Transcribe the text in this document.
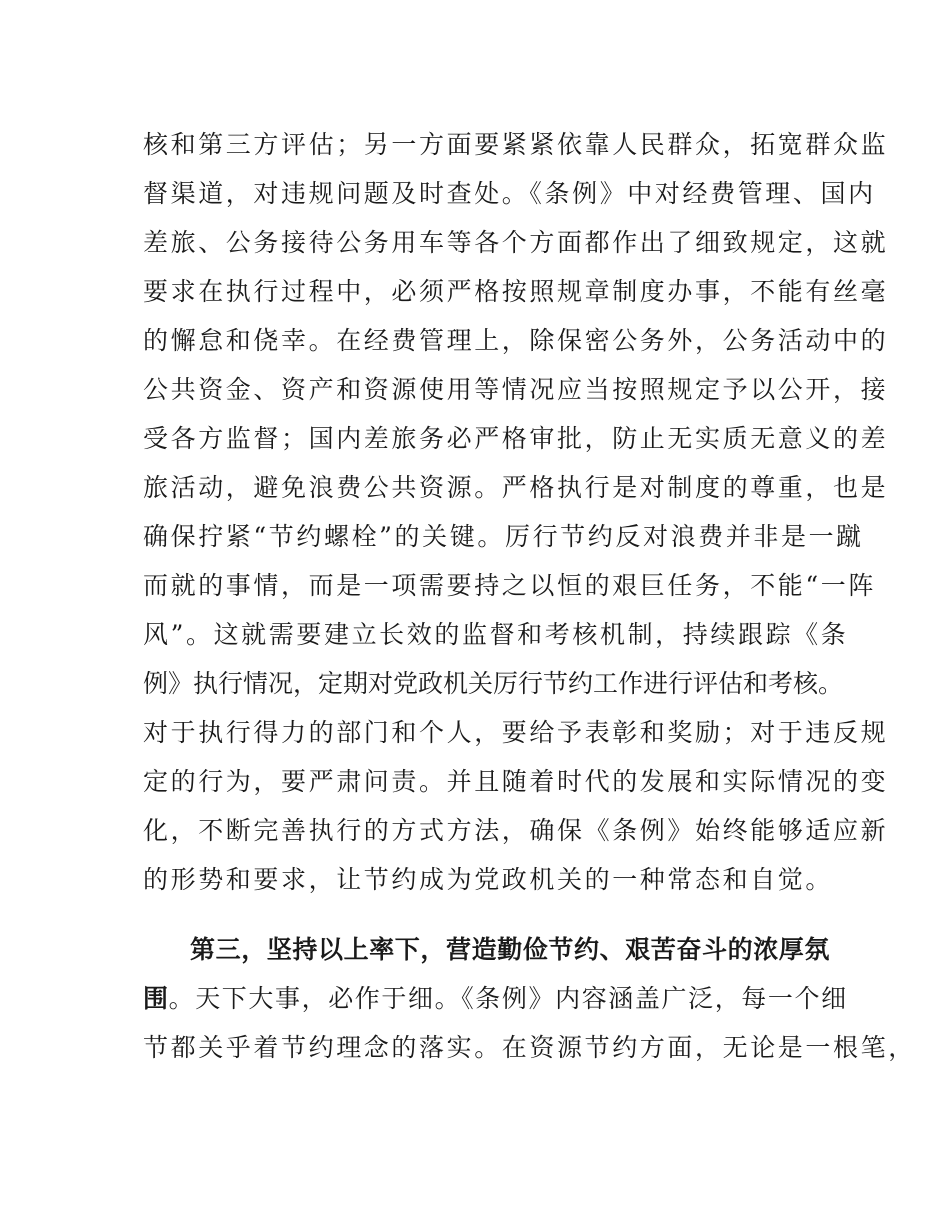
核和第三方评估；另一方面要紧紧依靠人民群众，拓宽群众监
督渠道，对违规问题及时查处。《条例》中对经费管理、国内
差旅、公务接待公务用车等各个方面都作出了细致规定，这就
要求在执行过程中，必须严格按照规章制度办事，不能有丝毫
的懈怠和侥幸。在经费管理上，除保密公务外，公务活动中的
公共资金、资产和资源使用等情况应当按照规定予以公开，接
受各方监督；国内差旅务必严格审批，防止无实质无意义的差
旅活动，避免浪费公共资源。严格执行是对制度的尊重，也是
确保拧紧“节约螺栓”的关键。厉行节约反对浪费并非是一蹴
而就的事情，而是一项需要持之以恒的艰巨任务，不能“一阵
风”。这就需要建立长效的监督和考核机制，持续跟踪《条
例》执行情况，定期对党政机关厉行节约工作进行评估和考核。
对于执行得力的部门和个人，要给予表彰和奖励；对于违反规
定的行为，要严肃问责。并且随着时代的发展和实际情况的变
化，不断完善执行的方式方法，确保《条例》始终能够适应新
的形势和要求，让节约成为党政机关的一种常态和自觉。
第三，坚持以上率下，营造勤俭节约、艰苦奋斗的浓厚氛
围。天下大事，必作于细。《条例》内容涵盖广泛，每一个细
节都关乎着节约理念的落实。在资源节约方面，无论是一根笔，
